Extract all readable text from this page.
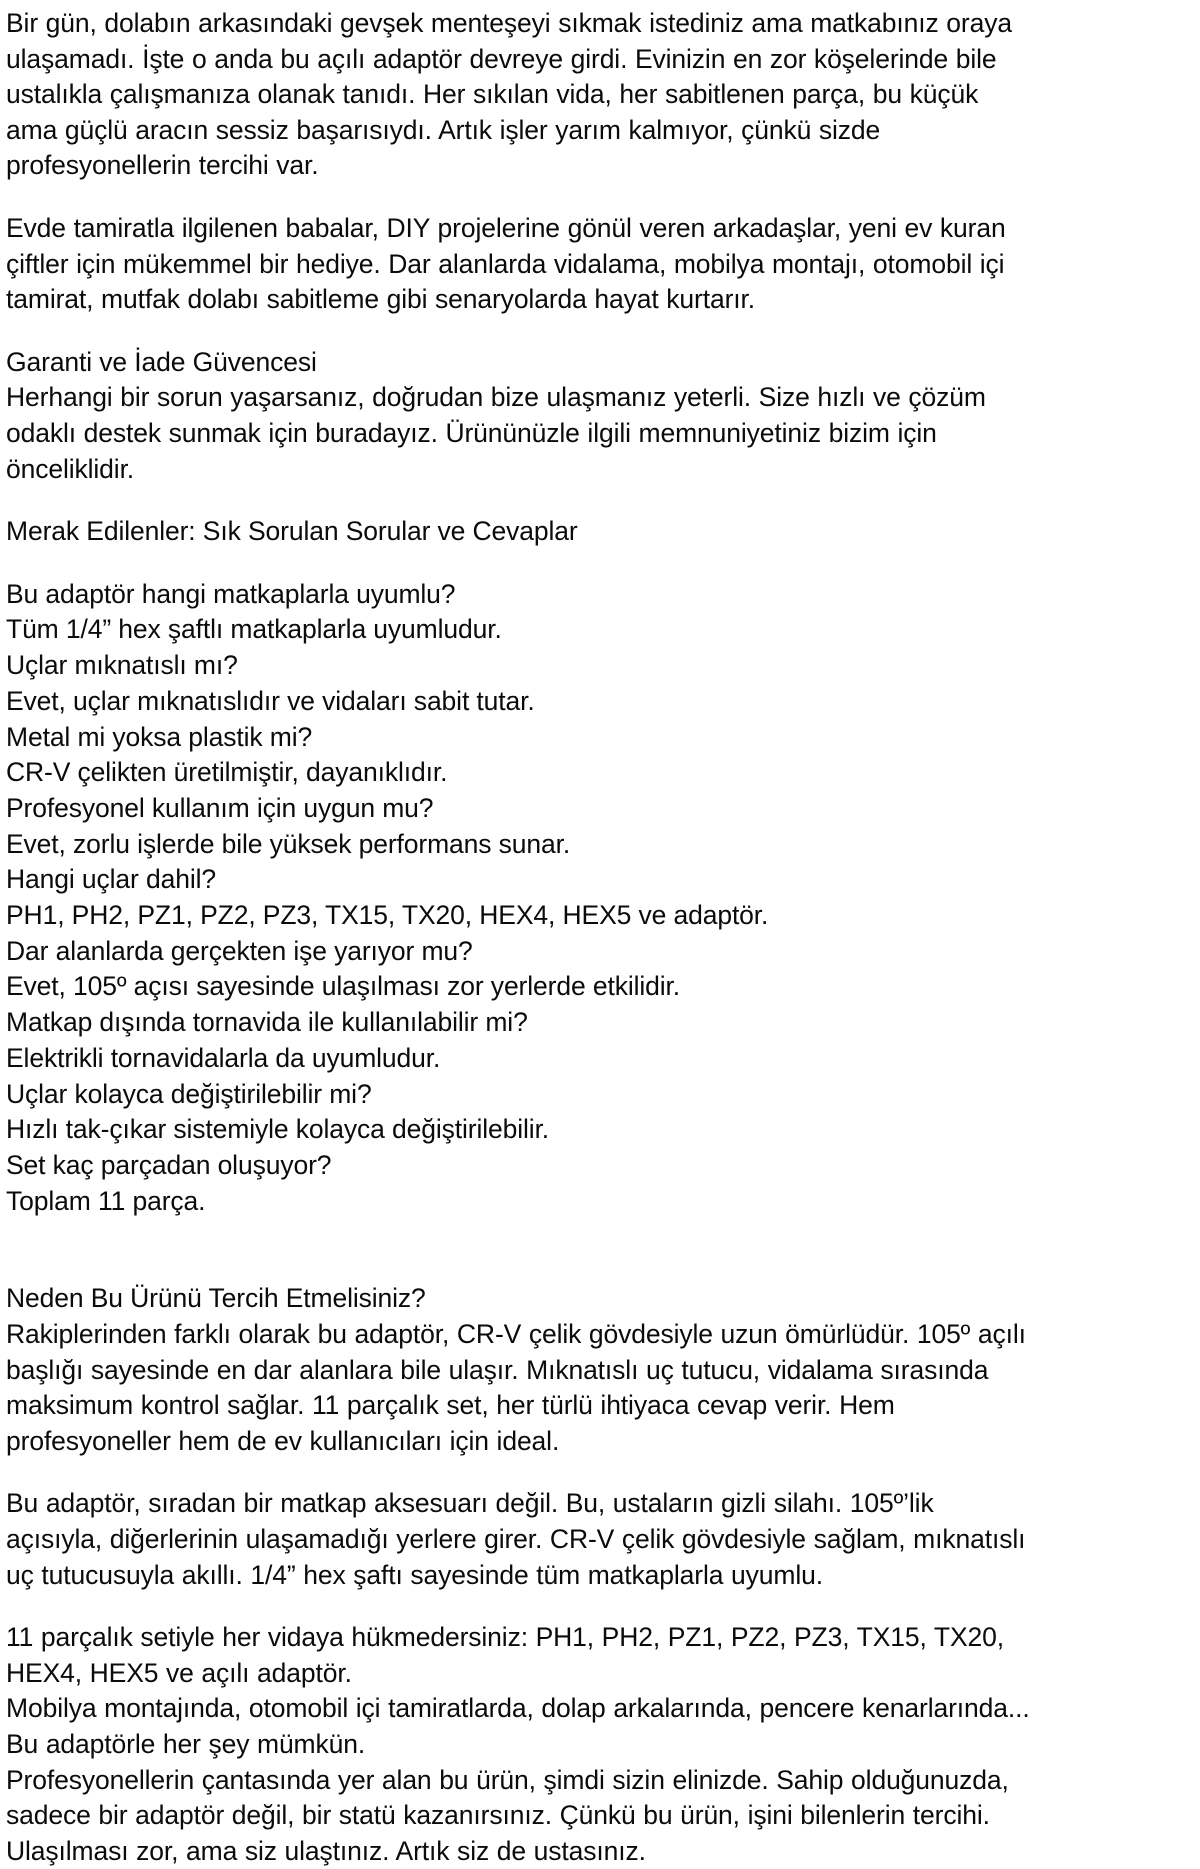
Bir gün, dolabın arkasındaki gevşek menteşeyi sıkmak istediniz ama matkabınız oraya ulaşamadı. İşte o anda bu açılı adaptör devreye girdi. Evinizin en zor köşelerinde bile ustalıkla çalışmanıza olanak tanıdı. Her sıkılan vida, her sabitlenen parça, bu küçük ama güçlü aracın sessiz başarısıydı. Artık işler yarım kalmıyor, çünkü sizde profesyonellerin tercihi var.

Evde tamiratla ilgilenen babalar, DIY projelerine gönül veren arkadaşlar, yeni ev kuran çiftler için mükemmel bir hediye. Dar alanlarda vidalama, mobilya montajı, otomobil içi tamirat, mutfak dolabı sabitleme gibi senaryolarda hayat kurtarır.

Garanti ve İade Güvencesi

Herhangi bir sorun yaşarsanız, doğrudan bize ulaşmanız yeterli. Size hızlı ve çözüm odaklı destek sunmak için buradayız. Ürününüzle ilgili memnuniyetiniz bizim için önceliklidir.

Merak Edilenler: Sık Sorulan Sorular ve Cevaplar

Bu adaptör hangi matkaplarla uyumlu?

Tüm 1/4” hex şaftlı matkaplarla uyumludur.

Uçlar mıknatıslı mı?

Evet, uçlar mıknatıslıdır ve vidaları sabit tutar.

Metal mi yoksa plastik mi?

CR-V çelikten üretilmiştir, dayanıklıdır.

Profesyonel kullanım için uygun mu?

Evet, zorlu işlerde bile yüksek performans sunar.

Hangi uçlar dahil?

PH1, PH2, PZ1, PZ2, PZ3, TX15, TX20, HEX4, HEX5 ve adaptör.

Dar alanlarda gerçekten işe yarıyor mu?

Evet, 105º açısı sayesinde ulaşılması zor yerlerde etkilidir.

Matkap dışında tornavida ile kullanılabilir mi?

Elektrikli tornavidalarla da uyumludur.

Uçlar kolayca değiştirilebilir mi?

Hızlı tak-çıkar sistemiyle kolayca değiştirilebilir.

Set kaç parçadan oluşuyor?

Toplam 11 parça.

Neden Bu Ürünü Tercih Etmelisiniz?

Rakiplerinden farklı olarak bu adaptör, CR-V çelik gövdesiyle uzun ömürlüdür. 105º açılı başlığı sayesinde en dar alanlara bile ulaşır. Mıknatıslı uç tutucu, vidalama sırasında maksimum kontrol sağlar. 11 parçalık set, her türlü ihtiyaca cevap verir. Hem profesyoneller hem de ev kullanıcıları için ideal.

Bu adaptör, sıradan bir matkap aksesuarı değil. Bu, ustaların gizli silahı. 105º’lik açısıyla, diğerlerinin ulaşamadığı yerlere girer. CR-V çelik gövdesiyle sağlam, mıknatıslı uç tutucusuyla akıllı. 1/4” hex şaftı sayesinde tüm matkaplarla uyumlu.

11 parçalık setiyle her vidaya hükmedersiniz: PH1, PH2, PZ1, PZ2, PZ3, TX15, TX20, HEX4, HEX5 ve açılı adaptör.

Mobilya montajında, otomobil içi tamiratlarda, dolap arkalarında, pencere kenarlarında... Bu adaptörle her şey mümkün.

Profesyonellerin çantasında yer alan bu ürün, şimdi sizin elinizde. Sahip olduğunuzda, sadece bir adaptör değil, bir statü kazanırsınız. Çünkü bu ürün, işini bilenlerin tercihi.

Ulaşılması zor, ama siz ulaştınız. Artık siz de ustasınız.
